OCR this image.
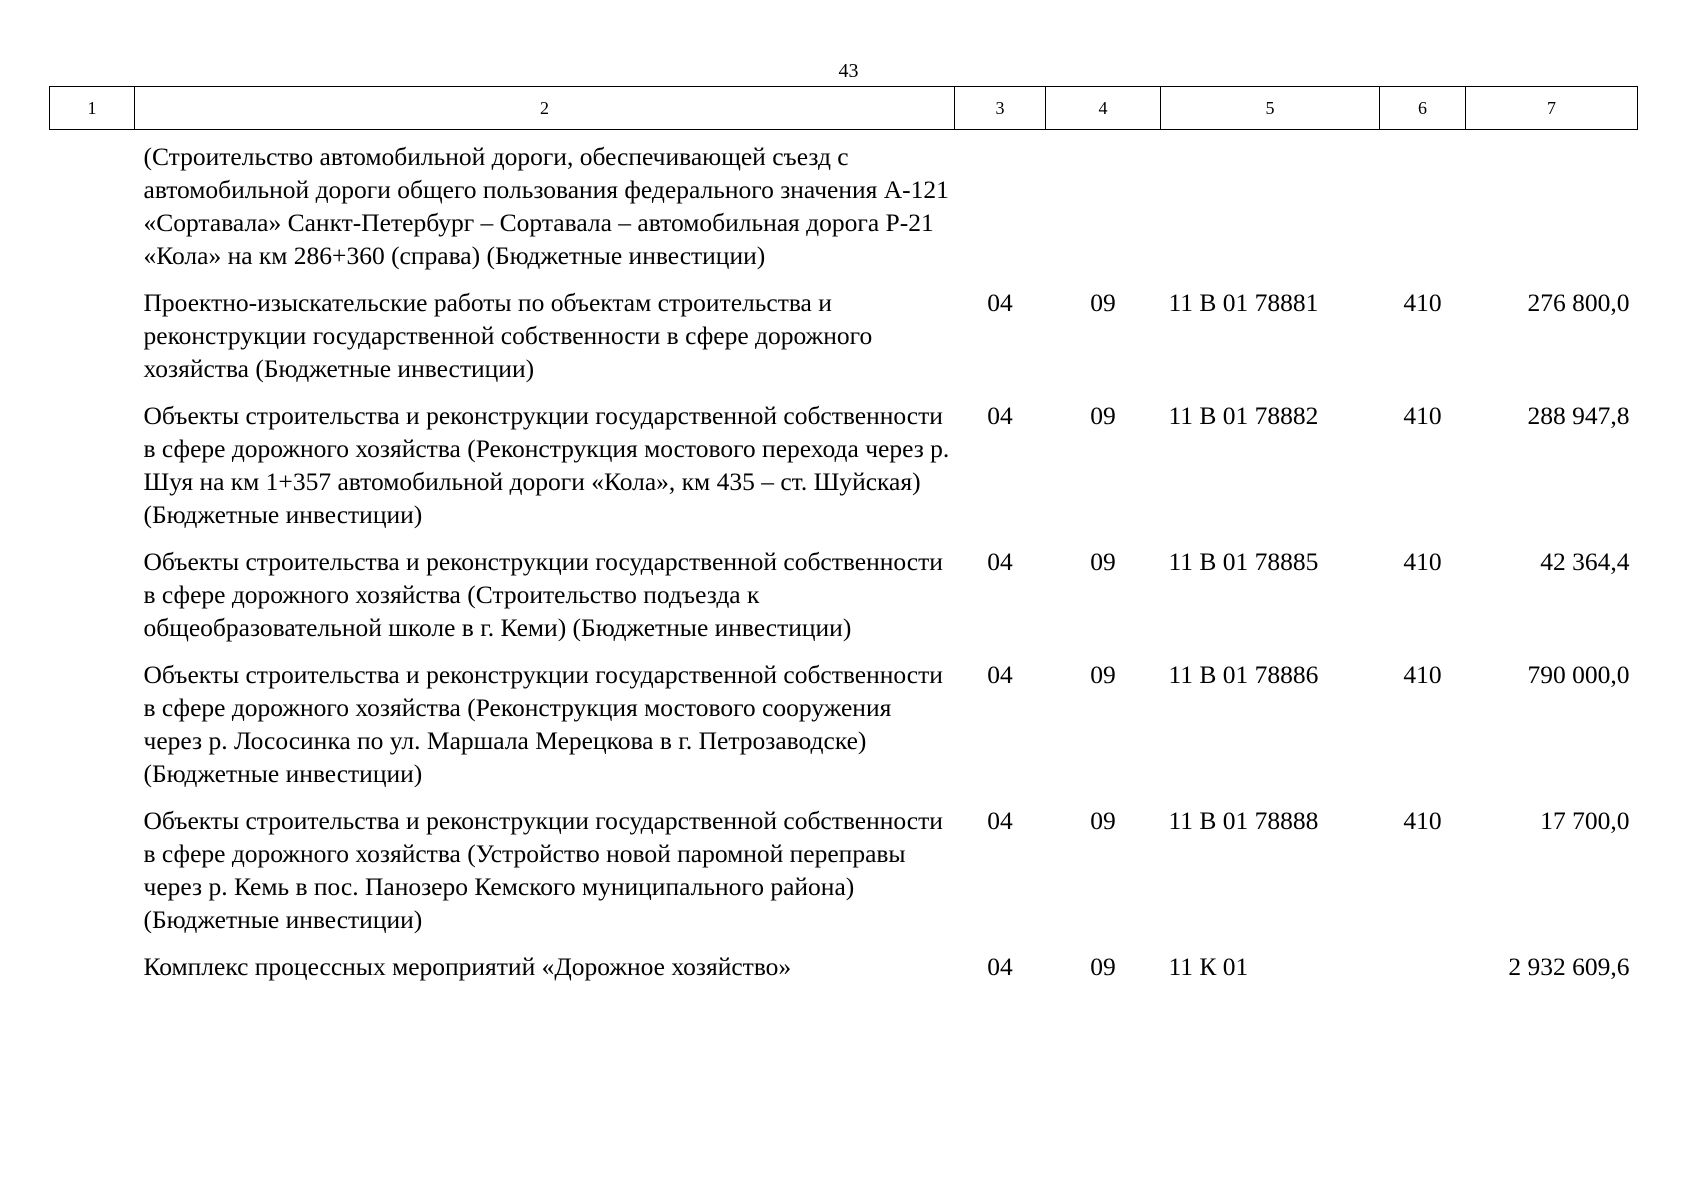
43
1	2	3	4	5	6	7
	(Строительство автомобильной дороги, обеспечивающей съезд с автомобильной дороги общего пользования федерального значения А-121 «Сортавала» Санкт-Петербург – Сортавала – автомобильная дорога Р-21 «Кола» на км 286+360 (справа) (Бюджетные инвестиции)					
	Проектно-изыскательские работы по объектам строительства и реконструкции государственной собственности в сфере дорожного хозяйства (Бюджетные инвестиции)	04	09	11 В 01 78881	410	276 800,0
	Объекты строительства и реконструкции государственной собственности в сфере дорожного хозяйства (Реконструкция мостового перехода через р. Шуя на км 1+357 автомобильной дороги «Кола», км 435 – ст. Шуйская) (Бюджетные инвестиции)	04	09	11 В 01 78882	410	288 947,8
	Объекты строительства и реконструкции государственной собственности в сфере дорожного хозяйства (Строительство подъезда к общеобразовательной школе в г. Кеми) (Бюджетные инвестиции)	04	09	11 В 01 78885	410	42 364,4
	Объекты строительства и реконструкции государственной собственности в сфере дорожного хозяйства (Реконструкция мостового сооружения через р. Лососинка по ул. Маршала Мерецкова в г. Петрозаводске) (Бюджетные инвестиции)	04	09	11 В 01 78886	410	790 000,0
	Объекты строительства и реконструкции государственной собственности в сфере дорожного хозяйства (Устройство новой паромной переправы через р. Кемь в пос. Панозеро Кемского муниципального района) (Бюджетные инвестиции)	04	09	11 В 01 78888	410	17 700,0
	Комплекс процессных мероприятий «Дорожное хозяйство»	04	09	11 К 01		2 932 609,6
